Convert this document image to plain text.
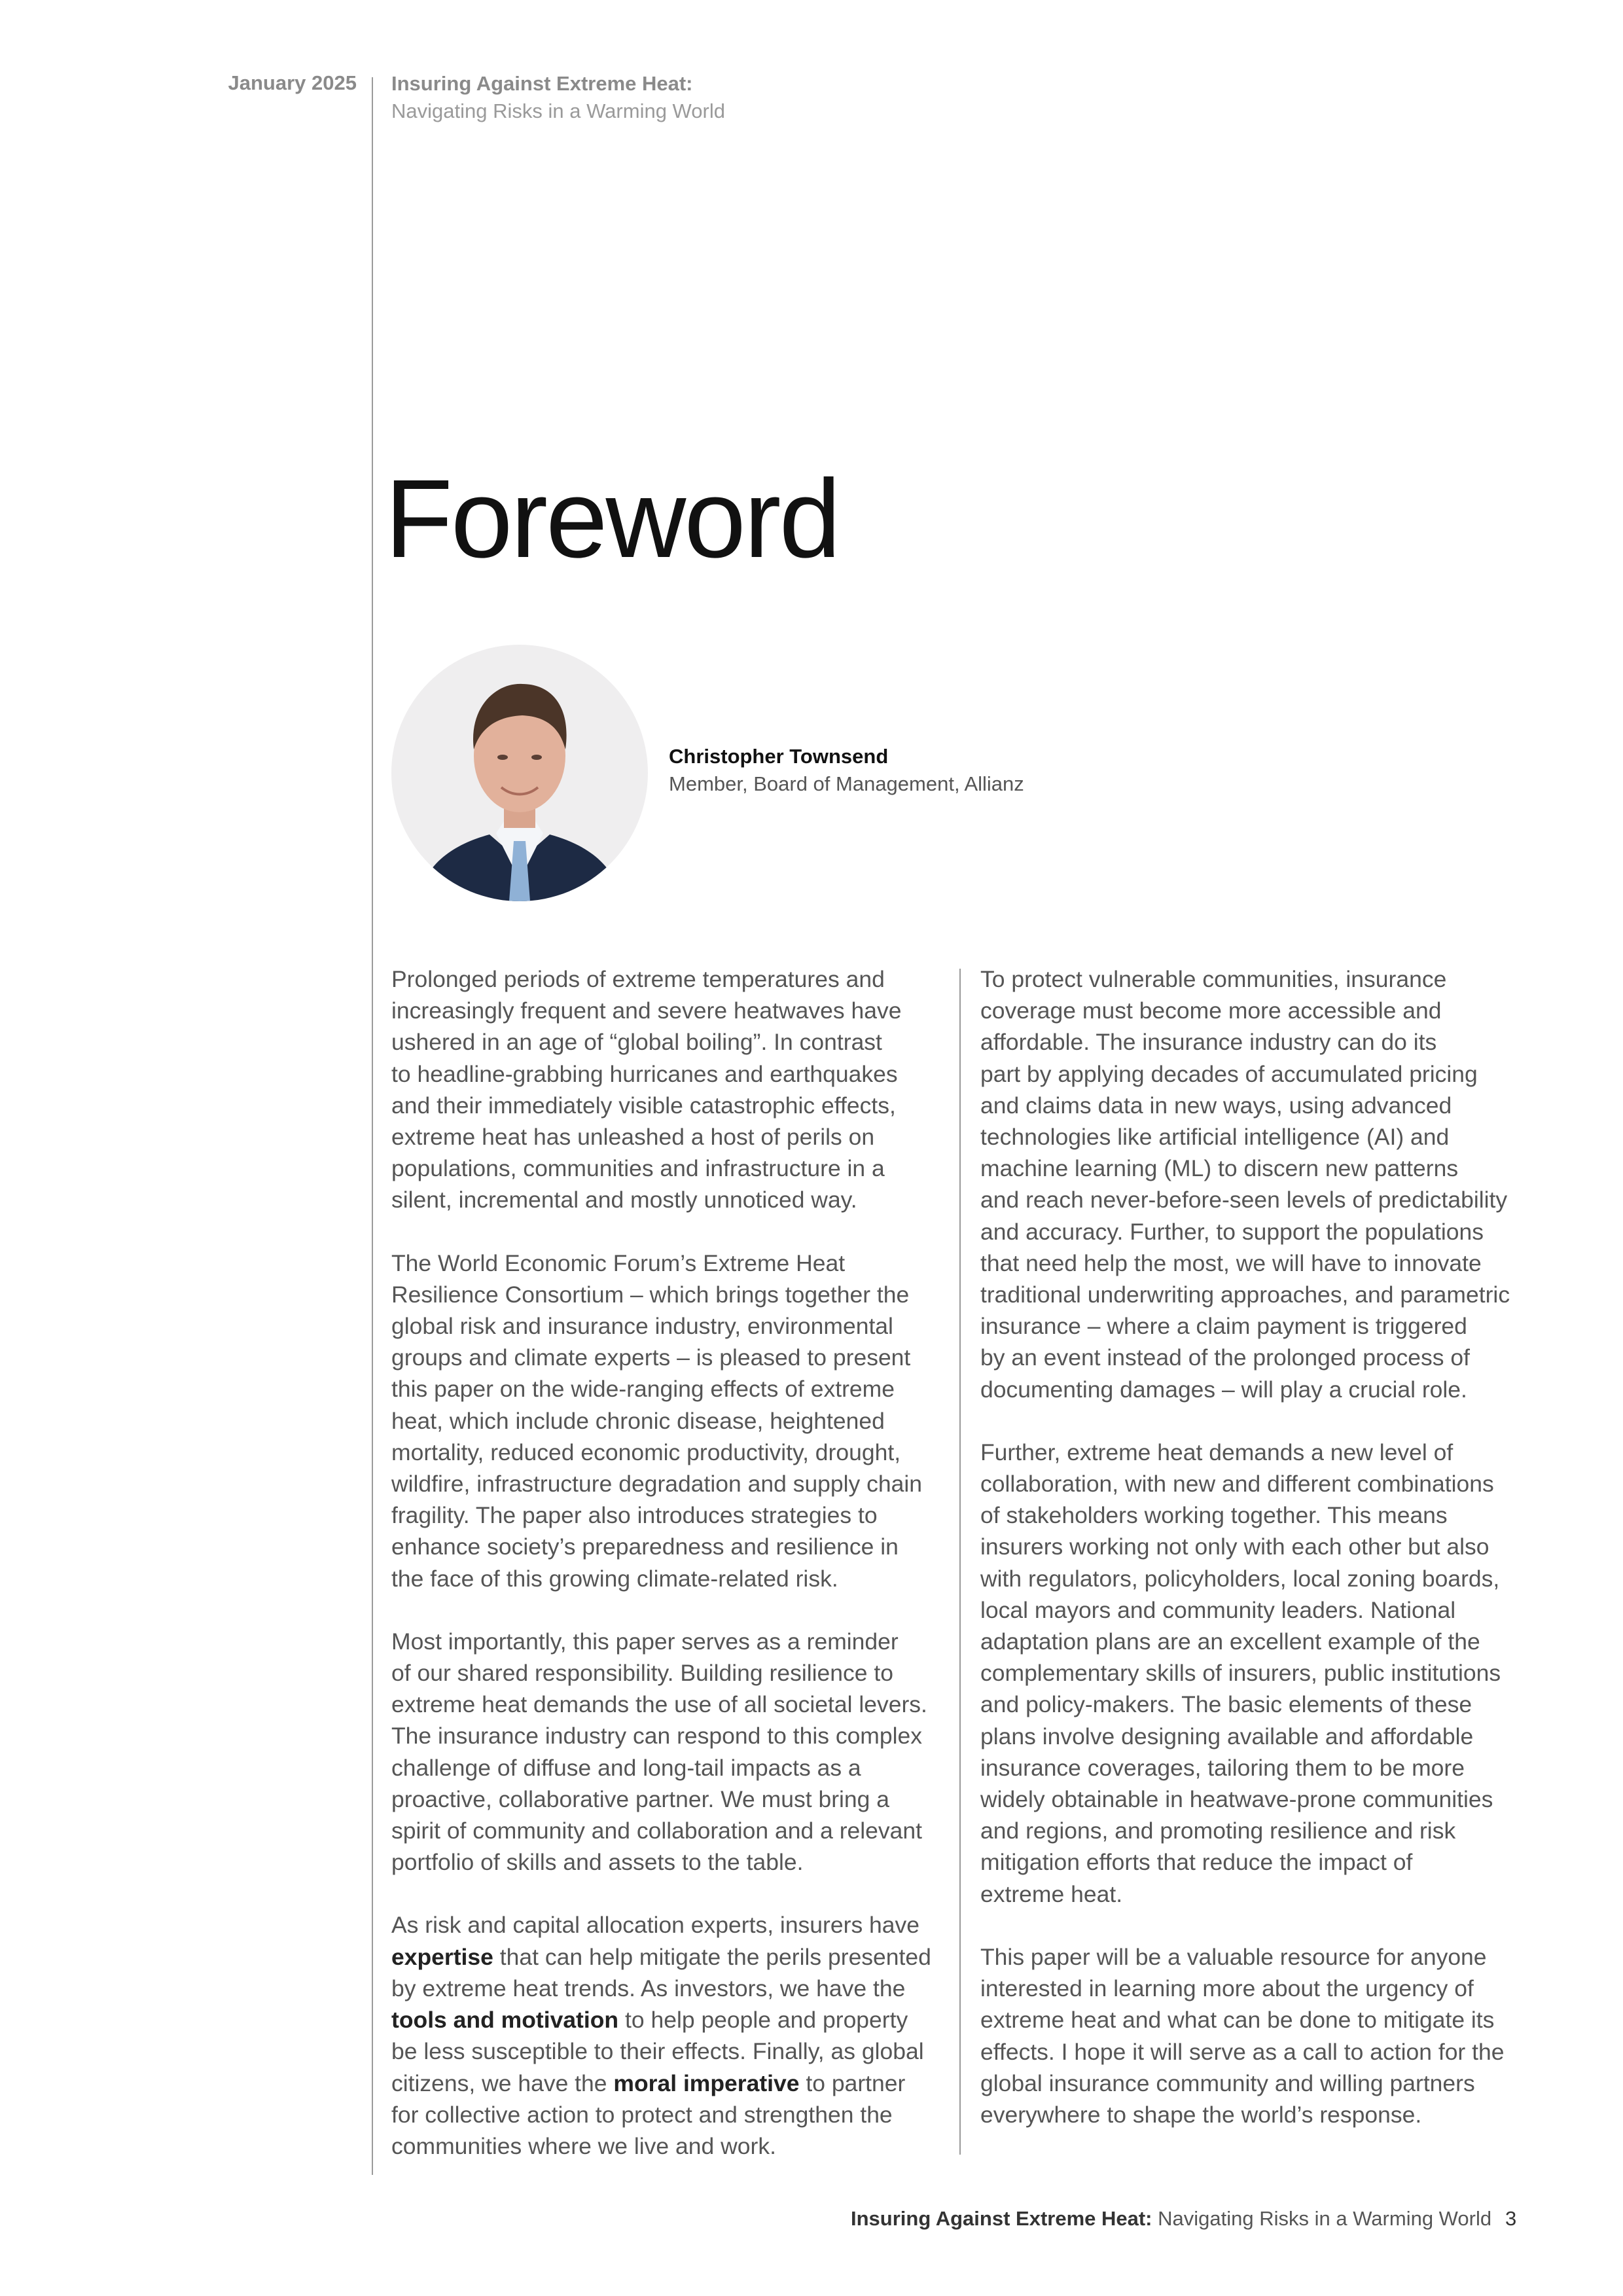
January 2025 Insuring Against Extreme Heat:
Navigating Risks in a Warming World
Foreword
Christopher Townsend
Member, Board of Management, Allianz

Prolonged periods of extreme temperatures and
increasingly frequent and severe heatwaves have
ushered in an age of “global boiling”. In contrast
to headline-grabbing hurricanes and earthquakes
and their immediately visible catastrophic effects,
extreme heat has unleashed a host of perils on
populations, communities and infrastructure in a
silent, incremental and mostly unnoticed way.

The World Economic Forum’s Extreme Heat
Resilience Consortium – which brings together the
global risk and insurance industry, environmental
groups and climate experts – is pleased to present
this paper on the wide-ranging effects of extreme
heat, which include chronic disease, heightened
mortality, reduced economic productivity, drought,
wildfire, infrastructure degradation and supply chain
fragility. The paper also introduces strategies to
enhance society’s preparedness and resilience in
the face of this growing climate-related risk.

Most importantly, this paper serves as a reminder
of our shared responsibility. Building resilience to
extreme heat demands the use of all societal levers.
The insurance industry can respond to this complex
challenge of diffuse and long-tail impacts as a
proactive, collaborative partner. We must bring a
spirit of community and collaboration and a relevant
portfolio of skills and assets to the table.

As risk and capital allocation experts, insurers have
expertise that can help mitigate the perils presented
by extreme heat trends. As investors, we have the
tools and motivation to help people and property
be less susceptible to their effects. Finally, as global
citizens, we have the moral imperative to partner
for collective action to protect and strengthen the
communities where we live and work.

To protect vulnerable communities, insurance
coverage must become more accessible and
affordable. The insurance industry can do its
part by applying decades of accumulated pricing
and claims data in new ways, using advanced
technologies like artificial intelligence (AI) and
machine learning (ML) to discern new patterns
and reach never-before-seen levels of predictability
and accuracy. Further, to support the populations
that need help the most, we will have to innovate
traditional underwriting approaches, and parametric
insurance – where a claim payment is triggered
by an event instead of the prolonged process of
documenting damages – will play a crucial role.

Further, extreme heat demands a new level of
collaboration, with new and different combinations
of stakeholders working together. This means
insurers working not only with each other but also
with regulators, policyholders, local zoning boards,
local mayors and community leaders. National
adaptation plans are an excellent example of the
complementary skills of insurers, public institutions
and policy-makers. The basic elements of these
plans involve designing available and affordable
insurance coverages, tailoring them to be more
widely obtainable in heatwave-prone communities
and regions, and promoting resilience and risk
mitigation efforts that reduce the impact of
extreme heat.

This paper will be a valuable resource for anyone
interested in learning more about the urgency of
extreme heat and what can be done to mitigate its
effects. I hope it will serve as a call to action for the
global insurance community and willing partners
everywhere to shape the world’s response.

Insuring Against Extreme Heat: Navigating Risks in a Warming World 3
